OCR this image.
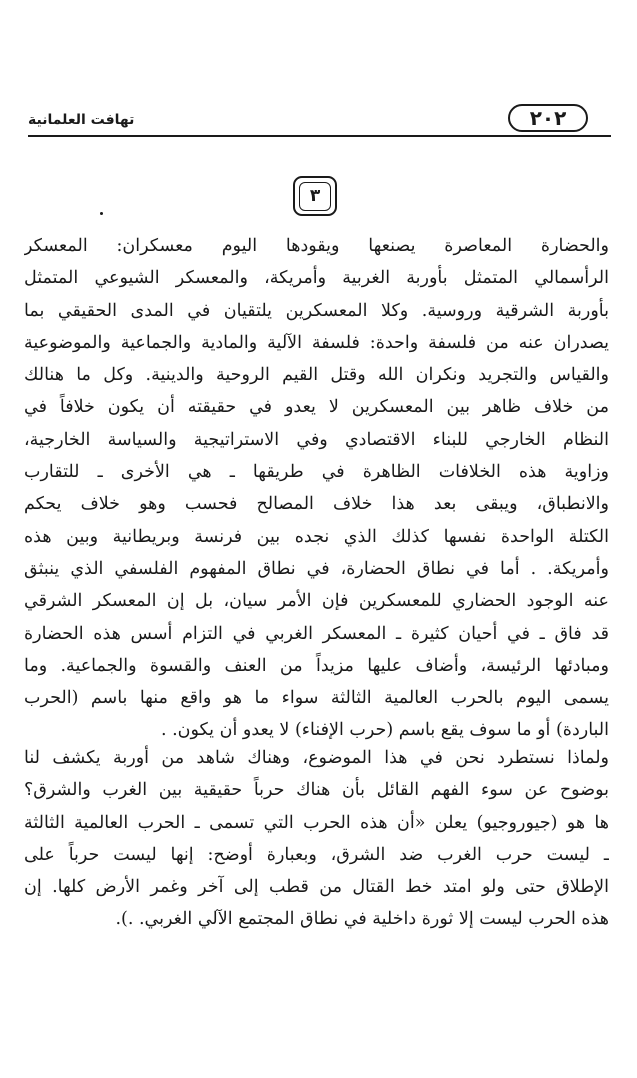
٢٠٢
تهافت العلمانية
٣
والحضارة المعاصرة يصنعها ويقودها اليوم معسكران: المعسكر
الرأسمالي المتمثل بأوربة الغربية وأمريكة، والمعسكر الشيوعي المتمثل
بأوربة الشرقية وروسية. وكلا المعسكرين يلتقيان في المدى الحقيقي بما
يصدران عنه من فلسفة واحدة: فلسفة الآلية والمادية والجماعية والموضوعية
والقياس والتجريد ونكران الله وقتل القيم الروحية والدينية. وكل ما هنالك
من خلاف ظاهر بين المعسكرين لا يعدو في حقيقته أن يكون خلافاً في
النظام الخارجي للبناء الاقتصادي وفي الاستراتيجية والسياسة الخارجية،
وزاوية هذه الخلافات الظاهرة في طريقها ـ هي الأخرى ـ للتقارب
والانطباق، ويبقى بعد هذا خلاف المصالح فحسب وهو خلاف يحكم
الكتلة الواحدة نفسها كذلك الذي نجده بين فرنسة وبريطانية وبين هذه
وأمريكة. . أما في نطاق الحضارة، في نطاق المفهوم الفلسفي الذي ينبثق
عنه الوجود الحضاري للمعسكرين فإن الأمر سيان، بل إن المعسكر الشرقي
قد فاق ـ في أحيان كثيرة ـ المعسكر الغربي في التزام أسس هذه الحضارة
ومبادئها الرئيسة، وأضاف عليها مزيداً من العنف والقسوة والجماعية. وما
يسمى اليوم بالحرب العالمية الثالثة سواء ما هو واقع منها باسم (الحرب
الباردة) أو ما سوف يقع باسم (حرب الإفناء) لا يعدو أن يكون. .
ولماذا نستطرد نحن في هذا الموضوع، وهناك شاهد من أوربة يكشف لنا
بوضوح عن سوء الفهم القائل بأن هناك حرباً حقيقية بين الغرب والشرق؟
ها هو (جيوروجيو) يعلن «أن هذه الحرب التي تسمى ـ الحرب العالمية الثالثة
ـ ليست حرب الغرب ضد الشرق، وبعبارة أوضح: إنها ليست حرباً على
الإطلاق حتى ولو امتد خط القتال من قطب إلى آخر وغمر الأرض كلها. إن
هذه الحرب ليست إلا ثورة داخلية في نطاق المجتمع الآلي الغربي. .).
